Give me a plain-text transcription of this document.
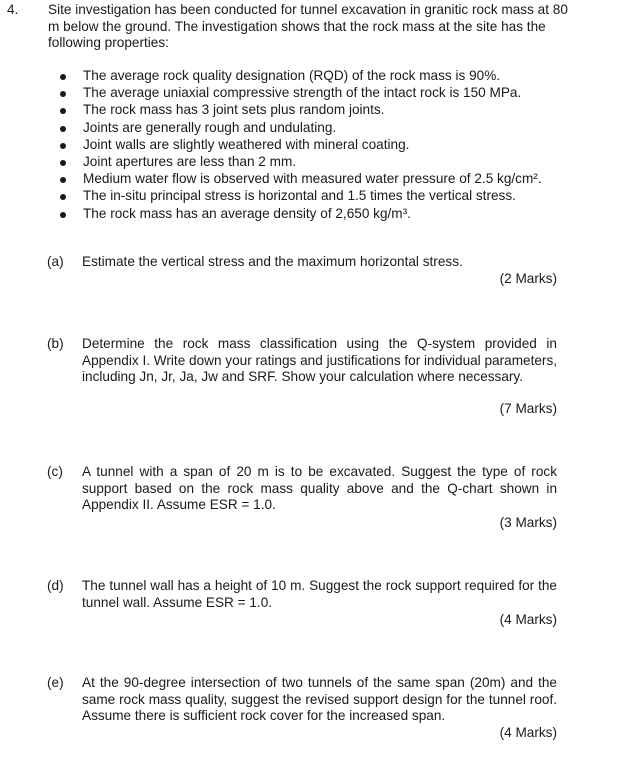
4. Site investigation has been conducted for tunnel excavation in granitic rock mass at 80 m below the ground. The investigation shows that the rock mass at the site has the following properties:
The average rock quality designation (RQD) of the rock mass is 90%.
The average uniaxial compressive strength of the intact rock is 150 MPa.
The rock mass has 3 joint sets plus random joints.
Joints are generally rough and undulating.
Joint walls are slightly weathered with mineral coating.
Joint apertures are less than 2 mm.
Medium water flow is observed with measured water pressure of 2.5 kg/cm².
The in-situ principal stress is horizontal and 1.5 times the vertical stress.
The rock mass has an average density of 2,650 kg/m³.
(a) Estimate the vertical stress and the maximum horizontal stress.
(2 Marks)
(b) Determine the rock mass classification using the Q-system provided in Appendix I. Write down your ratings and justifications for individual parameters, including Jn, Jr, Ja, Jw and SRF. Show your calculation where necessary.
(7 Marks)
(c) A tunnel with a span of 20 m is to be excavated. Suggest the type of rock support based on the rock mass quality above and the Q-chart shown in Appendix II. Assume ESR = 1.0.
(3 Marks)
(d) The tunnel wall has a height of 10 m. Suggest the rock support required for the tunnel wall. Assume ESR = 1.0.
(4 Marks)
(e) At the 90-degree intersection of two tunnels of the same span (20m) and the same rock mass quality, suggest the revised support design for the tunnel roof. Assume there is sufficient rock cover for the increased span.
(4 Marks)
